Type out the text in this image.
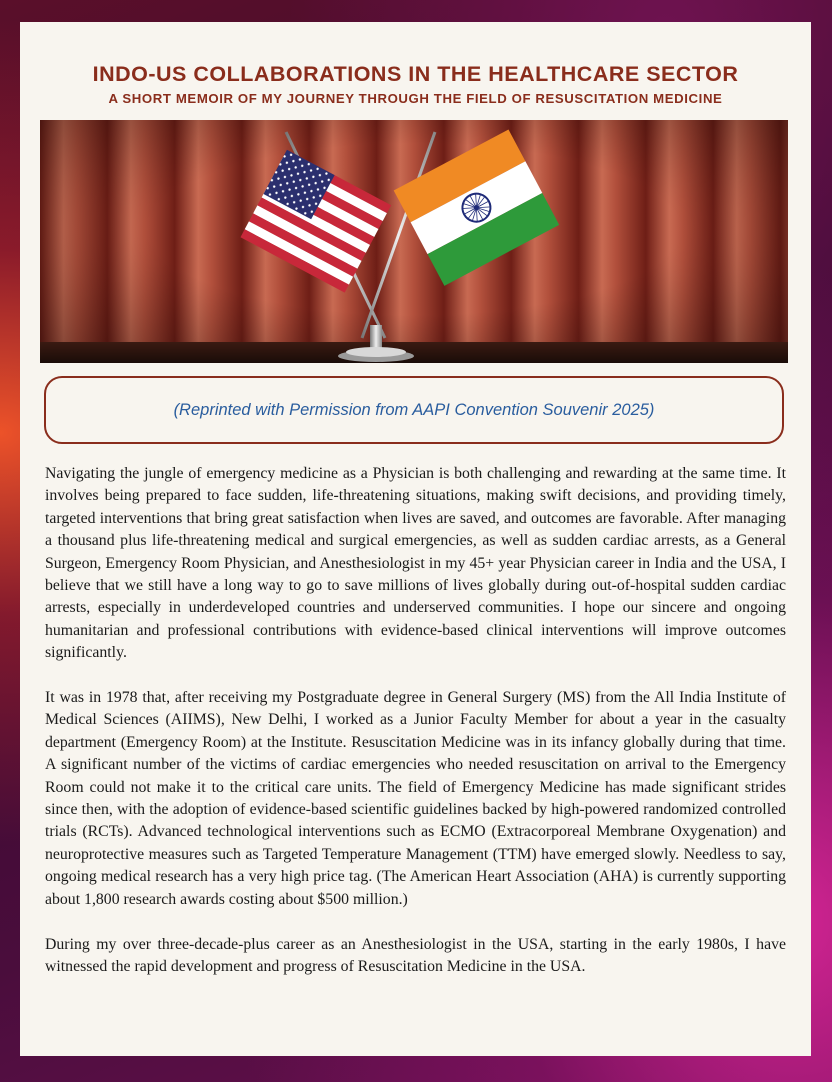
INDO-US COLLABORATIONS IN THE HEALTHCARE SECTOR
A SHORT MEMOIR OF MY JOURNEY THROUGH THE FIELD OF RESUSCITATION MEDICINE
(Reprinted with Permission from AAPI Convention Souvenir 2025)

Navigating the jungle of emergency medicine as a Physician is both challenging and rewarding at the same time. It involves being prepared to face sudden, life-threatening situations, making swift decisions, and providing timely, targeted interventions that bring great satisfaction when lives are saved, and outcomes are favorable. After managing a thousand plus life-threatening medical and surgical emergencies, as well as sudden cardiac arrests, as a General Surgeon, Emergency Room Physician, and Anesthesiologist in my 45+ year Physician career in India and the USA, I believe that we still have a long way to go to save millions of lives globally during out-of-hospital sudden cardiac arrests, especially in underdeveloped countries and underserved communities. I hope our sincere and ongoing humanitarian and professional contributions with evidence-based clinical interventions will improve outcomes significantly.

It was in 1978 that, after receiving my Postgraduate degree in General Surgery (MS) from the All India Institute of Medical Sciences (AIIMS), New Delhi, I worked as a Junior Faculty Member for about a year in the casualty department (Emergency Room) at the Institute. Resuscitation Medicine was in its infancy globally during that time. A significant number of the victims of cardiac emergencies who needed resuscitation on arrival to the Emergency Room could not make it to the critical care units. The field of Emergency Medicine has made significant strides since then, with the adoption of evidence-based scientific guidelines backed by high-powered randomized controlled trials (RCTs). Advanced technological interventions such as ECMO (Extracorporeal Membrane Oxygenation) and neuroprotective measures such as Targeted Temperature Management (TTM) have emerged slowly. Needless to say, ongoing medical research has a very high price tag. (The American Heart Association (AHA) is currently supporting about 1,800 research awards costing about $500 million.)

During my over three-decade-plus career as an Anesthesiologist in the USA, starting in the early 1980s, I have witnessed the rapid development and progress of Resuscitation Medicine in the USA.
